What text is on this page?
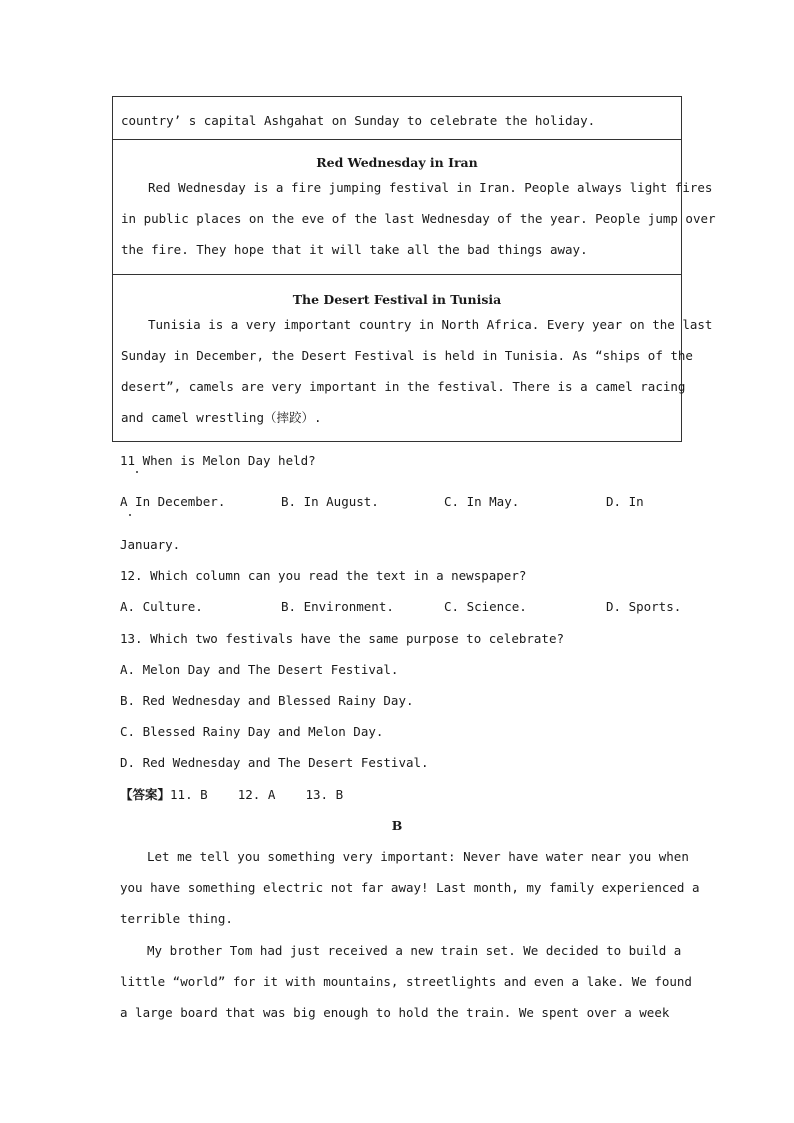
country’ s capital Ashgahat on Sunday to celebrate the holiday.
Red Wednesday in Iran
Red Wednesday is a fire jumping festival in Iran. People always light fires
in public places on the eve of the last Wednesday of the year. People jump over
the fire. They hope that it will take all the bad things away.
The Desert Festival in Tunisia
Tunisia is a very important country in North Africa. Every year on the last
Sunday in December, the Desert Festival is held in Tunisia. As “ships of the
desert”, camels are very important in the festival. There is a camel racing
and camel wrestling（摔跤）.
11 When is Melon Day held?
A In December.	B. In August.	C. In May.	D. In
January.
12. Which column can you read the text in a newspaper?
A. Culture.	B. Environment.	C. Science.	D. Sports.
13. Which two festivals have the same purpose to celebrate?
A. Melon Day and The Desert Festival.
B. Red Wednesday and Blessed Rainy Day.
C. Blessed Rainy Day and Melon Day.
D. Red Wednesday and The Desert Festival.
【答案】11. B    12. A    13. B
B
Let me tell you something very important: Never have water near you when
you have something electric not far away! Last month, my family experienced a
terrible thing.
My brother Tom had just received a new train set. We decided to build a
little “world” for it with mountains, streetlights and even a lake. We found
a large board that was big enough to hold the train. We spent over a week
